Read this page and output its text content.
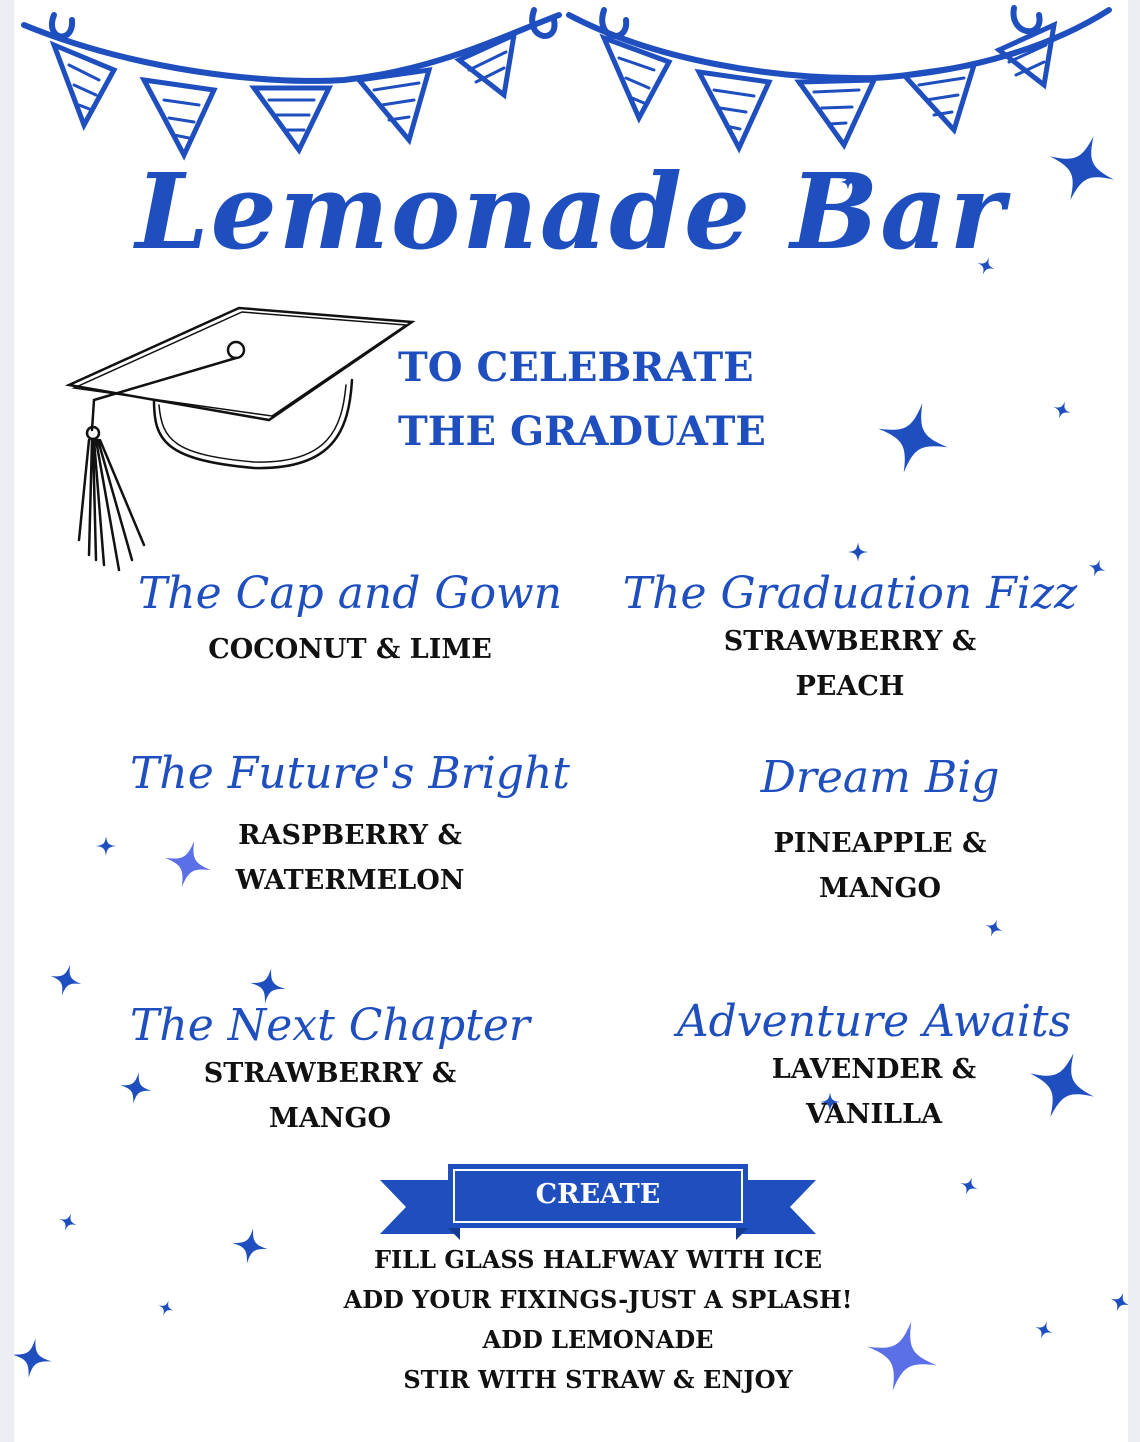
Lemonade Bar
TO CELEBRATE
THE GRADUATE
The Cap and Gown
COCONUT & LIME
The Graduation Fizz
STRAWBERRY &
PEACH
The Future's Bright
RASPBERRY &
WATERMELON
Dream Big
PINEAPPLE &
MANGO
The Next Chapter
STRAWBERRY &
MANGO
Adventure Awaits
LAVENDER &
VANILLA
CREATE
FILL GLASS HALFWAY WITH ICE
ADD YOUR FIXINGS-JUST A SPLASH!
ADD LEMONADE
STIR WITH STRAW & ENJOY
